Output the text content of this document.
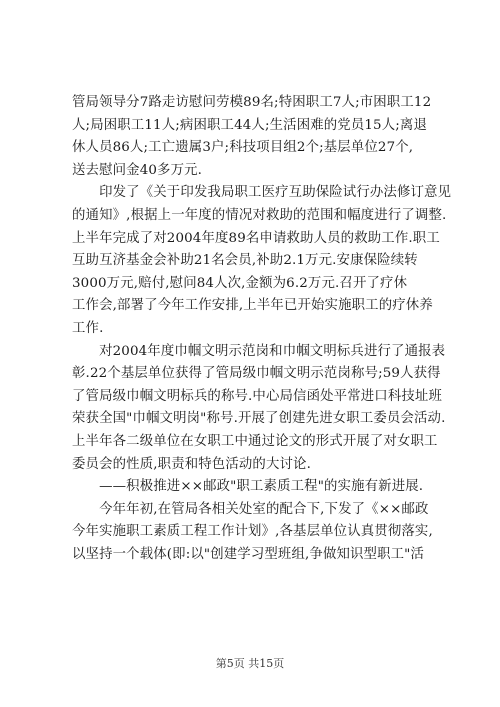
管局领导分7路走访慰问劳模89名;特困职工7人;市困职工12
人;局困职工11人;病困职工44人;生活困难的党员15人;离退
休人员86人;工亡遗属3户;科技项目组2个;基层单位27个,
送去慰问金40多万元.
　　印发了《关于印发我局职工医疗互助保险试行办法修订意见
的通知》,根据上一年度的情况对救助的范围和幅度进行了调整.
上半年完成了对2004年度89名申请救助人员的救助工作.职工
互助互济基金会补助21名会员,补助2.1万元.安康保险续转
3000万元,赔付,慰问84人次,金额为6.2万元.召开了疗休
工作会,部署了今年工作安排,上半年已开始实施职工的疗休养
工作.
　　对2004年度巾帼文明示范岗和巾帼文明标兵进行了通报表
彰.22个基层单位获得了管局级巾帼文明示范岗称号;59人获得
了管局级巾帼文明标兵的称号.中心局信函处平常进口科技址班
荣获全国"巾帼文明岗"称号.开展了创建先进女职工委员会活动.
上半年各二级单位在女职工中通过论文的形式开展了对女职工
委员会的性质,职责和特色活动的大讨论.
　　——积极推进××邮政"职工素质工程"的实施有新进展.
　　今年年初,在管局各相关处室的配合下,下发了《××邮政
今年实施职工素质工程工作计划》,各基层单位认真贯彻落实,
以坚持一个载体(即:以"创建学习型班组,争做知识型职工"活
第5页 共15页
